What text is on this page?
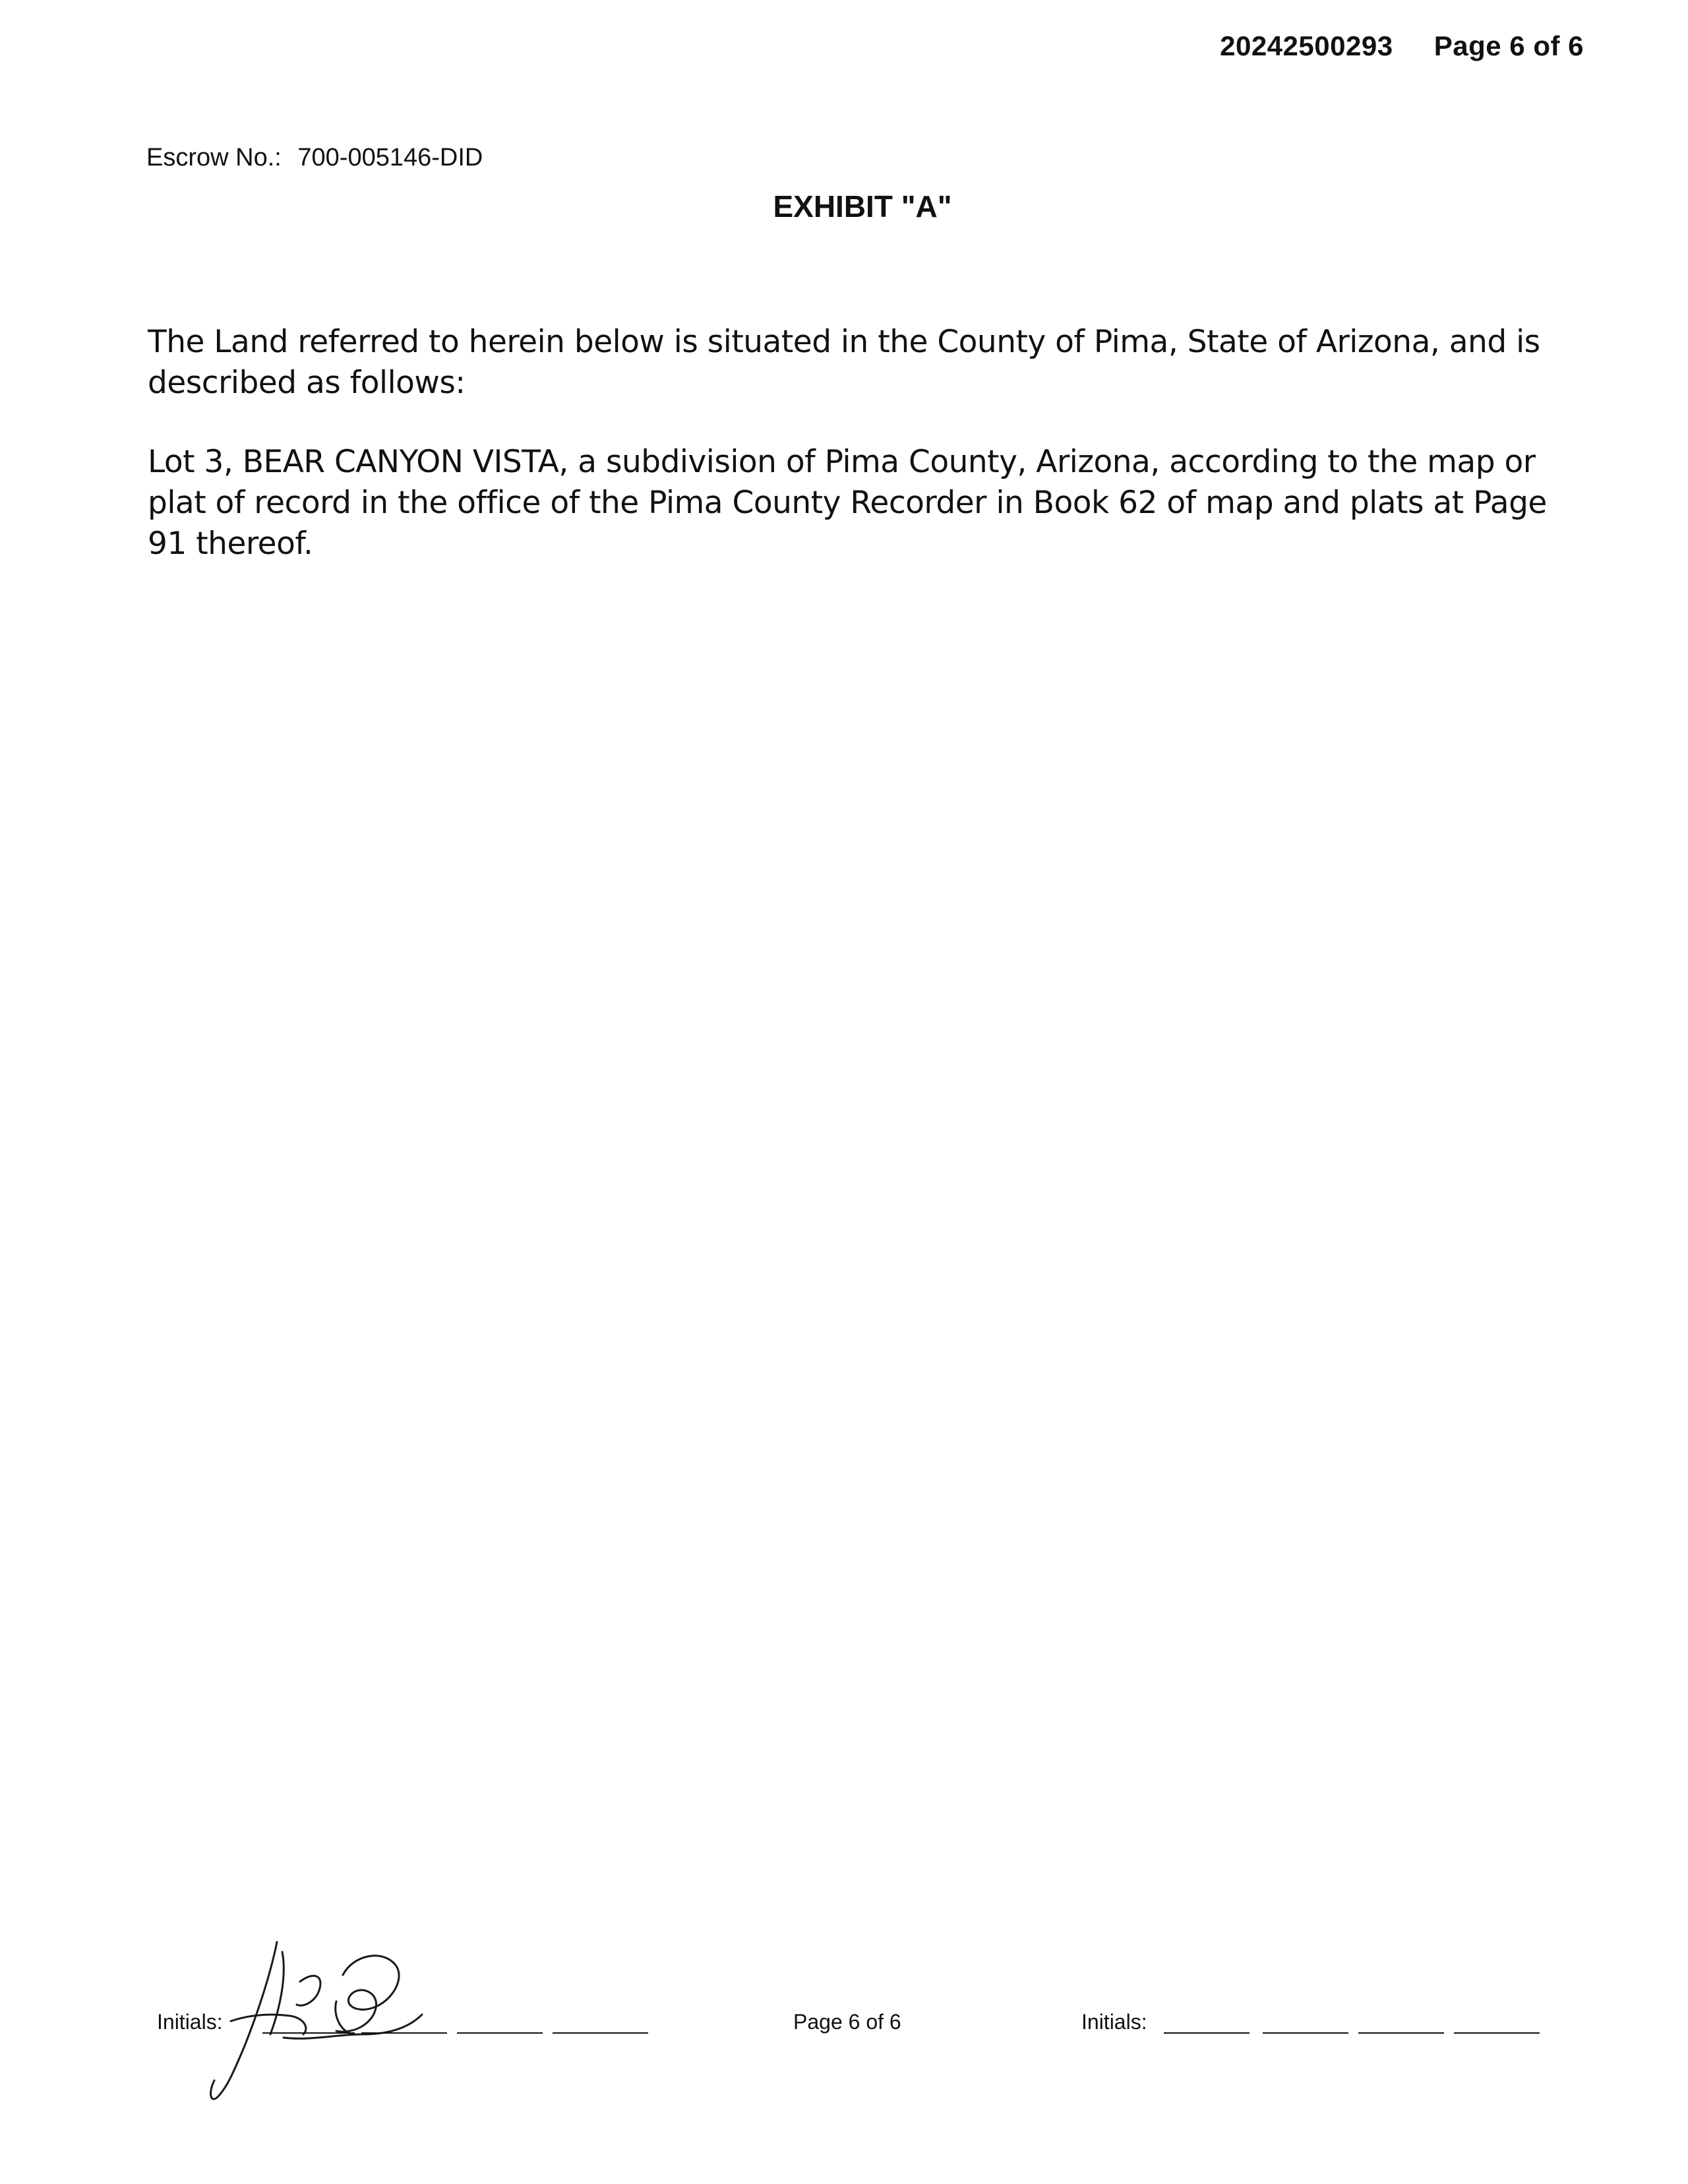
20242500293 Page 6 of 6
Escrow No.: 700-005146-DID
EXHIBIT "A"

The Land referred to herein below is situated in the County of Pima, State of Arizona, and is described as follows:

Lot 3, BEAR CANYON VISTA, a subdivision of Pima County, Arizona, according to the map or plat of record in the office of the Pima County Recorder in Book 62 of map and plats at Page 91 thereof.

Initials:	Page 6 of 6	Initials:
